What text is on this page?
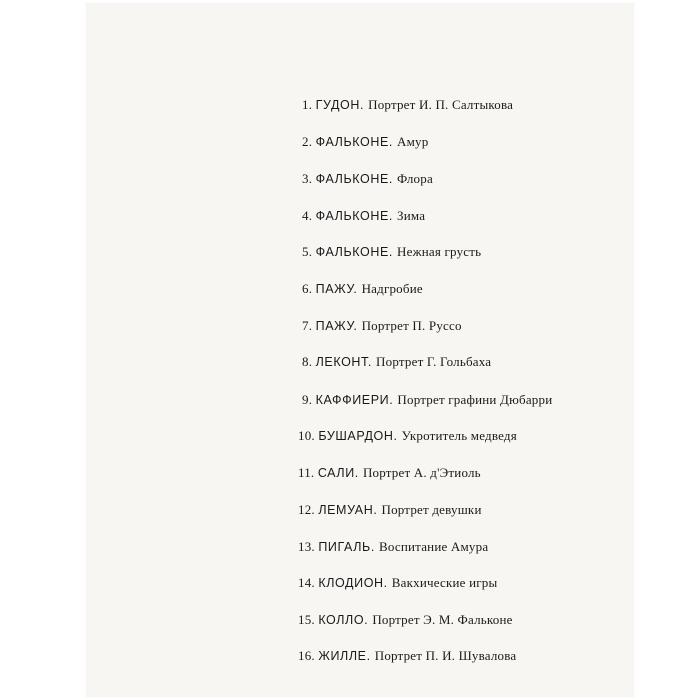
1. ГУДОН. Портрет И. П. Салтыкова
2. ФАЛЬКОНЕ. Амур
3. ФАЛЬКОНЕ. Флора
4. ФАЛЬКОНЕ. Зима
5. ФАЛЬКОНЕ. Нежная грусть
6. ПАЖУ. Надгробие
7. ПАЖУ. Портрет П. Руссо
8. ЛЕКОНТ. Портрет Г. Гольбаха
9. КАФФИЕРИ. Портрет графини Дюбарри
10. БУШАРДОН. Укротитель медведя
11. САЛИ. Портрет А. д'Этиоль
12. ЛЕМУАН. Портрет девушки
13. ПИГАЛЬ. Воспитание Амура
14. КЛОДИОН. Вакхические игры
15. КОЛЛО. Портрет Э. М. Фальконе
16. ЖИЛЛЕ. Портрет П. И. Шувалова
